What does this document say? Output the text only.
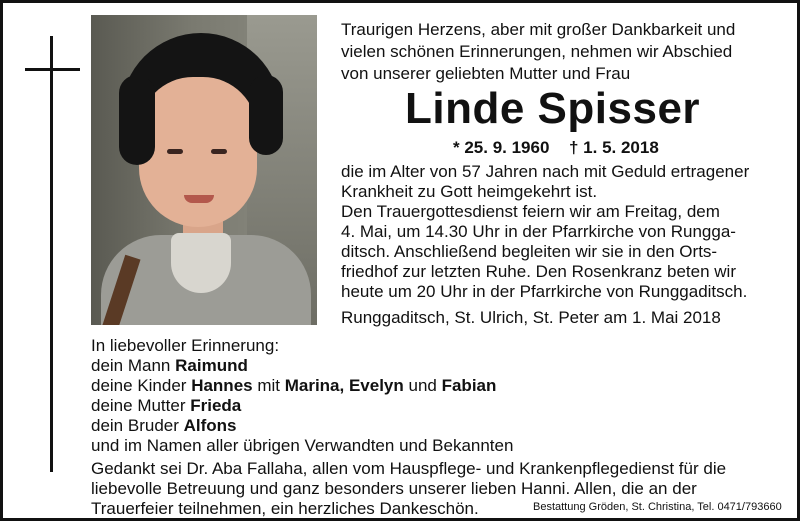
Traurigen Herzens, aber mit großer Dankbarkeit und
vielen schönen Erinnerungen, nehmen wir Abschied
von unserer geliebten Mutter und Frau
Linde Spisser
* 25. 9. 1960 † 1. 5. 2018
die im Alter von 57 Jahren nach mit Geduld ertragener
Krankheit zu Gott heimgekehrt ist.
Den Trauergottesdienst feiern wir am Freitag, dem
4. Mai, um 14.30 Uhr in der Pfarrkirche von Rungga-
ditsch. Anschließend begleiten wir sie in den Orts-
friedhof zur letzten Ruhe. Den Rosenkranz beten wir
heute um 20 Uhr in der Pfarrkirche von Runggaditsch.
Runggaditsch, St. Ulrich, St. Peter am 1. Mai 2018
In liebevoller Erinnerung:
dein Mann Raimund
deine Kinder Hannes mit Marina, Evelyn und Fabian
deine Mutter Frieda
dein Bruder Alfons
und im Namen aller übrigen Verwandten und Bekannten
Gedankt sei Dr. Aba Fallaha, allen vom Hauspflege- und Krankenpflegedienst für die
liebevolle Betreuung und ganz besonders unserer lieben Hanni. Allen, die an der
Trauerfeier teilnehmen, ein herzliches Dankeschön.	Bestattung Gröden, St. Christina, Tel. 0471/793660
